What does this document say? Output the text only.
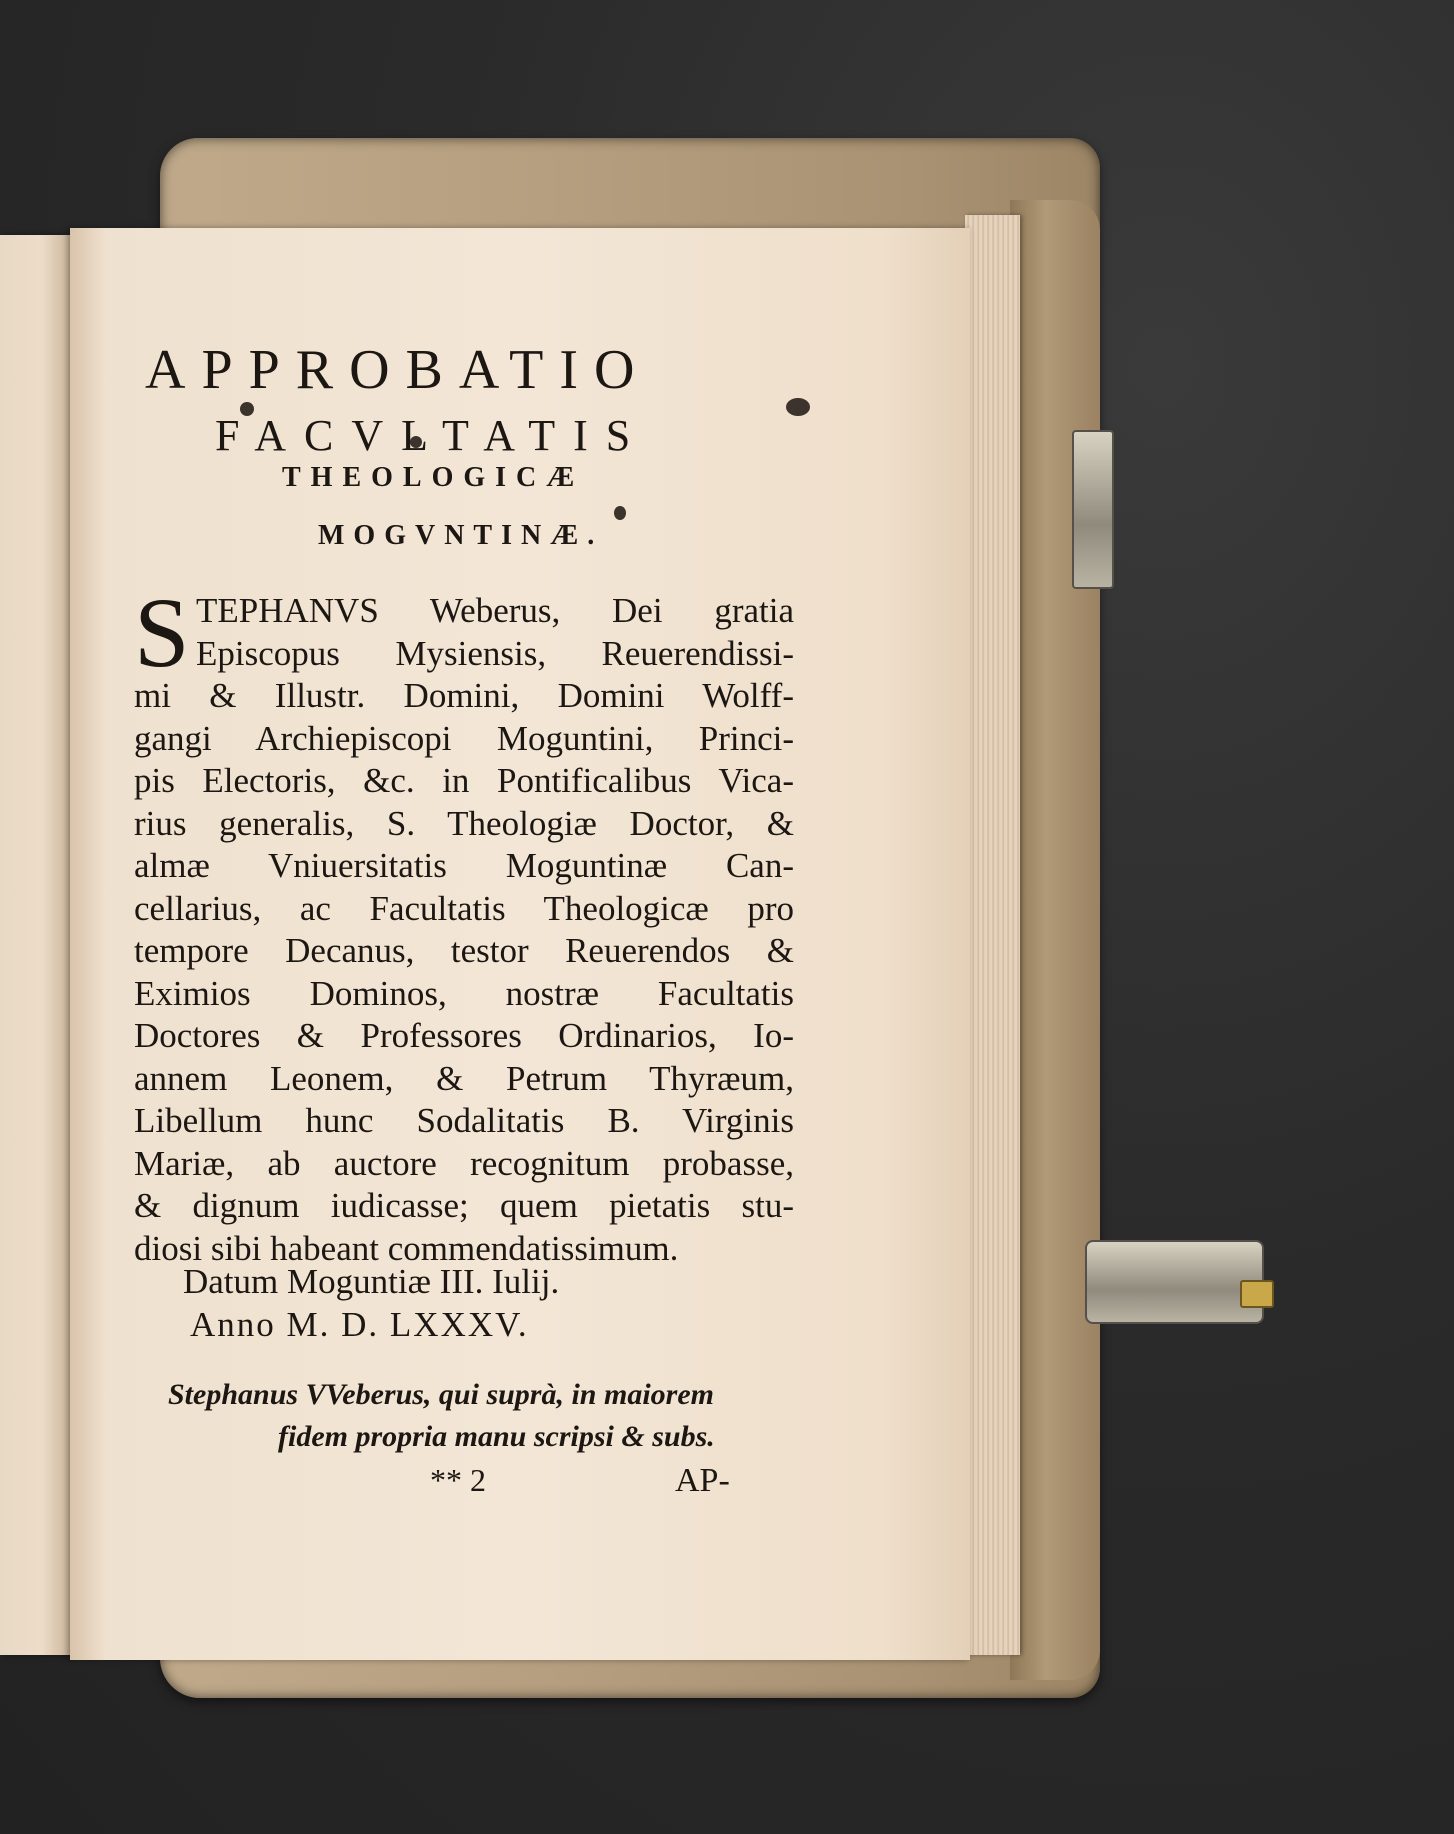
APPROBATIO
FACVLTATIS
THEOLOGICÆ
MOGVNTINÆ.
S TEPHANVS Weberus, Dei gratia
Episcopus Mysiensis, Reuerendissi-
mi & Illustr. Domini, Domini Wolff-
gangi Archiepiscopi Moguntini, Princi-
pis Electoris, &c. in Pontificalibus Vica-
rius generalis, S. Theologiæ Doctor, &
almæ Vniuersitatis Moguntinæ Can-
cellarius, ac Facultatis Theologicæ pro
tempore Decanus, testor Reuerendos &
Eximios Dominos, nostræ Facultatis
Doctores & Professores Ordinarios, Io-
annem Leonem, & Petrum Thyræum,
Libellum hunc Sodalitatis B. Virginis
Mariæ, ab auctore recognitum probasse,
& dignum iudicasse; quem pietatis stu-
diosi sibi habeant commendatissimum.
Datum Moguntiæ III. Iulij.
Anno M. D. LXXXV.
Stephanus VVeberus, qui suprà, in maiorem
fidem propria manu scripsi & subs.
** 2	AP-
